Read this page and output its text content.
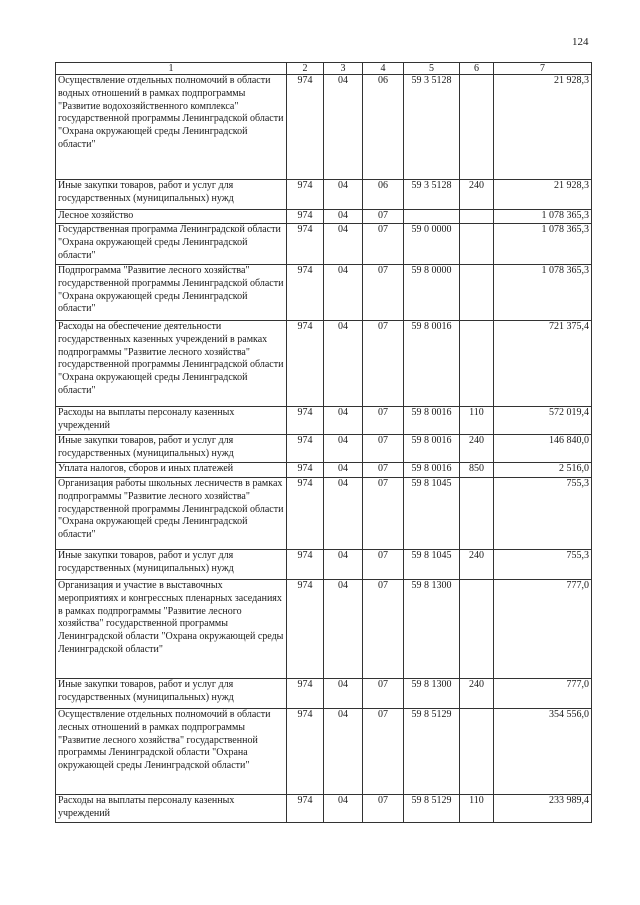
124
1	2	3	4	5	6	7
Осуществление отдельных полномочий в области водных отношений в рамках подпрограммы "Развитие водохозяйственного комплекса" государственной программы Ленинградской области "Охрана окружающей среды Ленинградской области"	974	04	06	59 3 5128		21 928,3
Иные закупки товаров, работ и услуг для государственных (муниципальных) нужд	974	04	06	59 3 5128	240	21 928,3
Лесное хозяйство	974	04	07			1 078 365,3
Государственная программа Ленинградской области "Охрана окружающей среды Ленинградской области"	974	04	07	59 0 0000		1 078 365,3
Подпрограмма "Развитие лесного хозяйства" государственной программы Ленинградской области "Охрана окружающей среды Ленинградской области"	974	04	07	59 8 0000		1 078 365,3
Расходы на обеспечение деятельности государственных казенных учреждений в рамках подпрограммы "Развитие лесного хозяйства" государственной программы Ленинградской области "Охрана окружающей среды Ленинградской области"	974	04	07	59 8 0016		721 375,4
Расходы на выплаты персоналу казенных учреждений	974	04	07	59 8 0016	110	572 019,4
Иные закупки товаров, работ и услуг для государственных (муниципальных) нужд	974	04	07	59 8 0016	240	146 840,0
Уплата налогов, сборов и иных платежей	974	04	07	59 8 0016	850	2 516,0
Организация работы школьных лесничеств в рамках подпрограммы "Развитие лесного хозяйства" государственной программы Ленинградской области "Охрана окружающей среды Ленинградской области"	974	04	07	59 8 1045		755,3
Иные закупки товаров, работ и услуг для государственных (муниципальных) нужд	974	04	07	59 8 1045	240	755,3
Организация и участие в выставочных мероприятиях и конгрессных пленарных заседаниях в рамках подпрограммы "Развитие лесного хозяйства" государственной программы Ленинградской области "Охрана окружающей среды Ленинградской области"	974	04	07	59 8 1300		777,0
Иные закупки товаров, работ и услуг для государственных (муниципальных) нужд	974	04	07	59 8 1300	240	777,0
Осуществление отдельных полномочий в области лесных отношений в рамках подпрограммы "Развитие лесного хозяйства" государственной программы Ленинградской области "Охрана окружающей среды Ленинградской области"	974	04	07	59 8 5129		354 556,0
Расходы на выплаты персоналу казенных учреждений	974	04	07	59 8 5129	110	233 989,4
